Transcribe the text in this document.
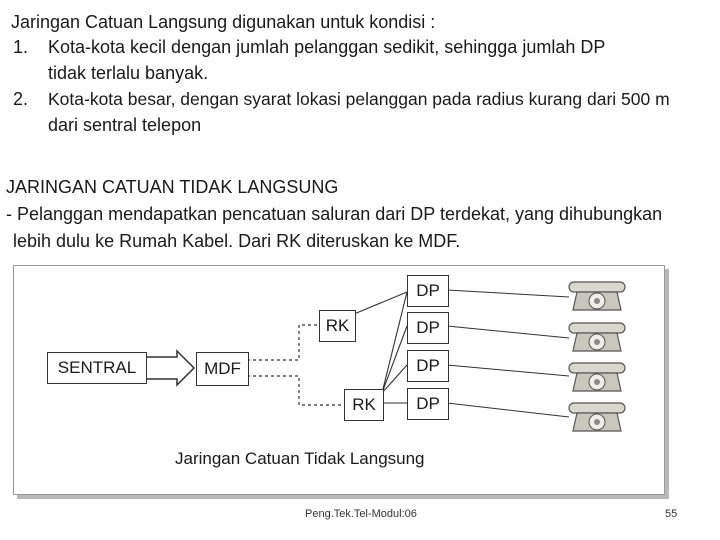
Jaringan Catuan Langsung digunakan untuk kondisi :
1. Kota-kota kecil dengan jumlah pelanggan sedikit, sehingga jumlah DP
tidak terlalu banyak.
2. Kota-kota besar, dengan syarat lokasi pelanggan pada radius kurang dari 500 m
dari sentral telepon
JARINGAN CATUAN TIDAK LANGSUNG
- Pelanggan mendapatkan pencatuan saluran dari DP terdekat, yang dihubungkan
lebih dulu ke Rumah Kabel. Dari RK diteruskan ke MDF.
SENTRAL	MDF
RK
RK
DP
DP
DP
DP
Jaringan Catuan Tidak Langsung
Peng.Tek.Tel-Modul:06	55
